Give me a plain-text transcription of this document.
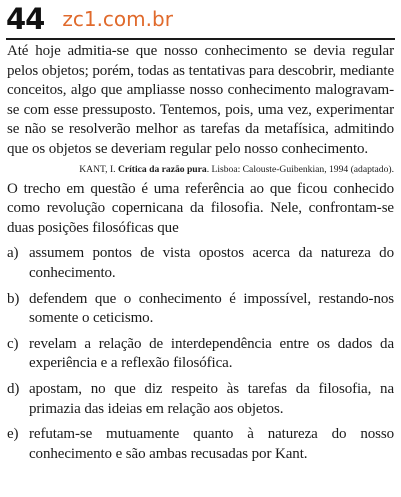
44 zc1.com.br

Até hoje admitia-se que nosso conhecimento se devia regular pelos objetos; porém, todas as tentativas para descobrir, mediante conceitos, algo que ampliasse nosso conhecimento malogravam-se com esse pressuposto. Tentemos, pois, uma vez, experimentar se não se resolverão melhor as tarefas da metafísica, admitindo que os objetos se deveriam regular pelo nosso conhecimento.

KANT, I. Crítica da razão pura. Lisboa: Calouste-Guibenkian, 1994 (adaptado).

O trecho em questão é uma referência ao que ficou conhecido como revolução copernicana da filosofia. Nele, confrontam-se duas posições filosóficas que

a) assumem pontos de vista opostos acerca da natureza do conhecimento.
b) defendem que o conhecimento é impossível, restando-nos somente o ceticismo.
c) revelam a relação de interdependência entre os dados da experiência e a reflexão filosófica.
d) apostam, no que diz respeito às tarefas da filosofia, na primazia das ideias em relação aos objetos.
e) refutam-se mutuamente quanto à natureza do nosso conhecimento e são ambas recusadas por Kant.
